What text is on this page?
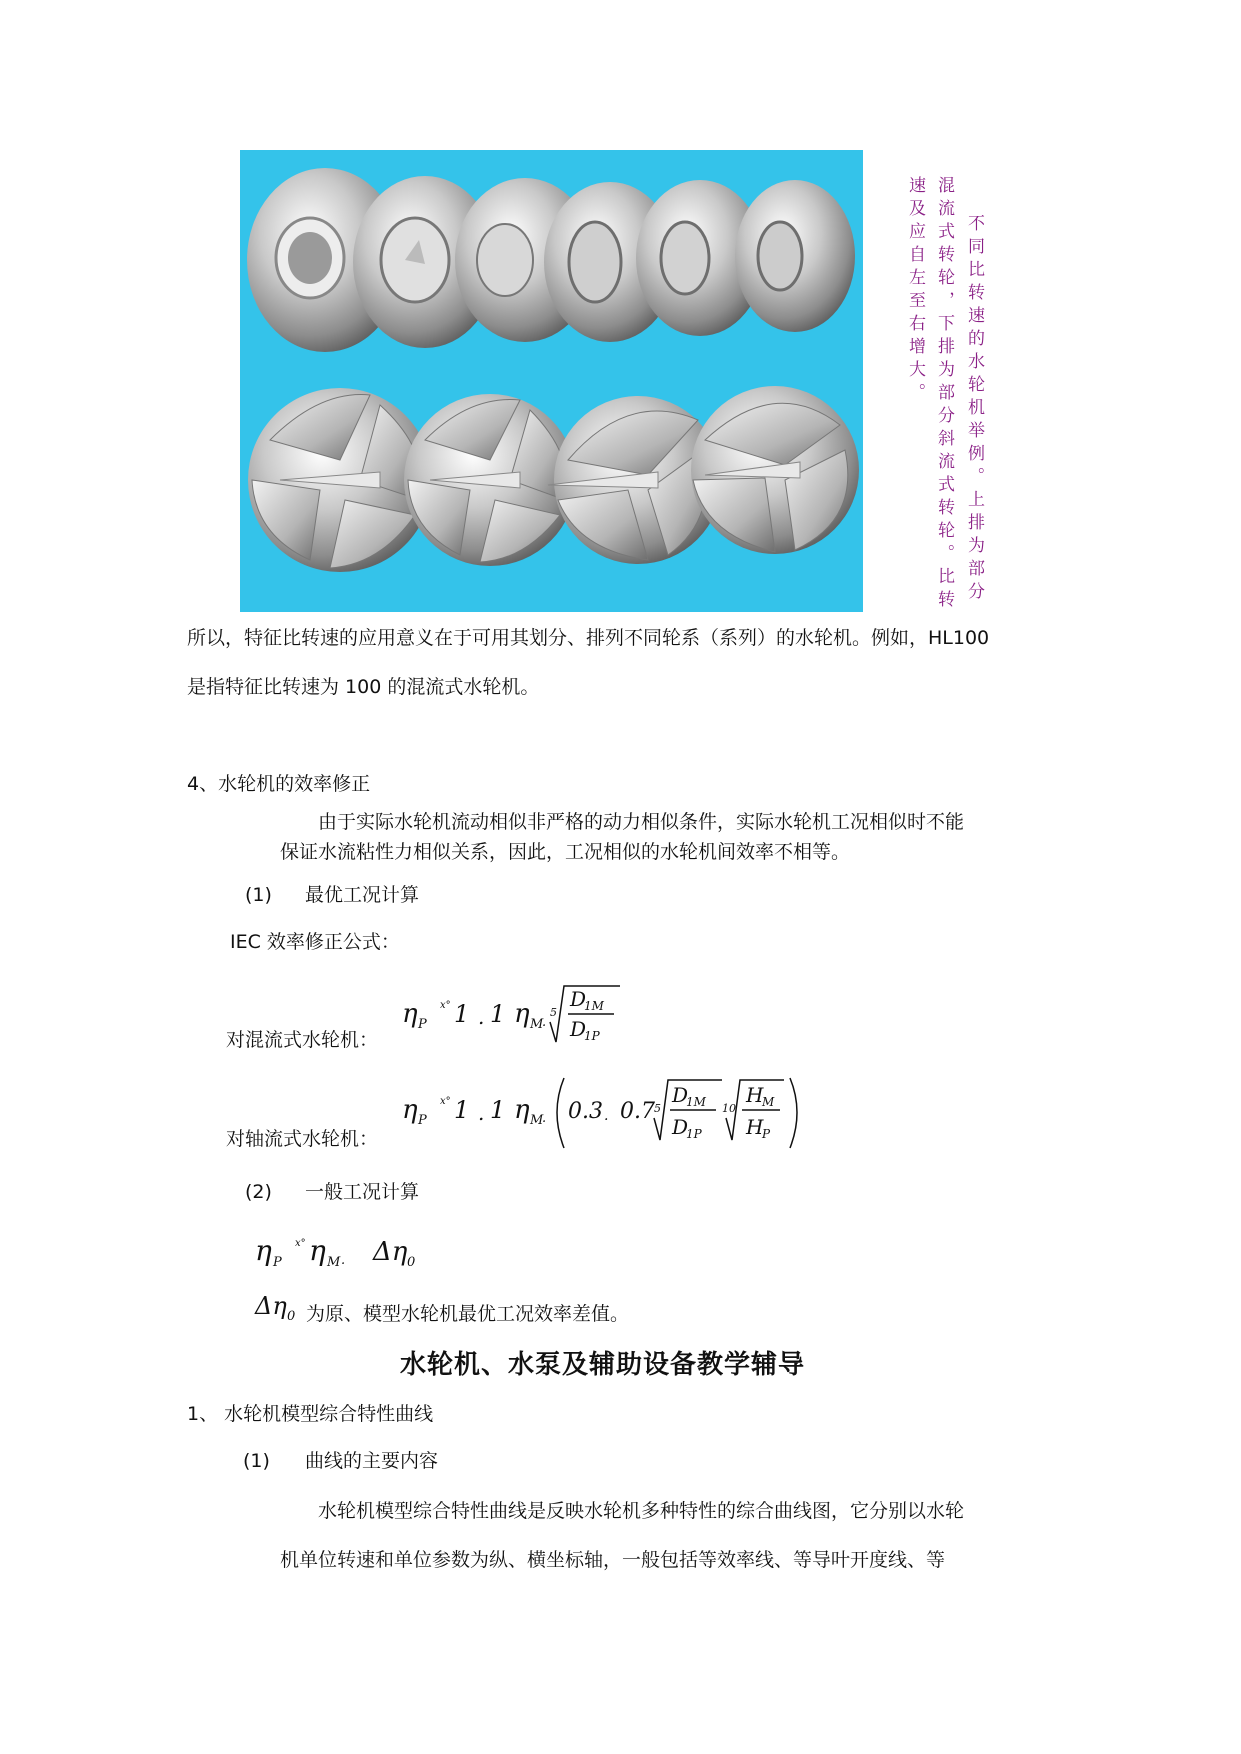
不同比转速的水轮机举例。上排为部分
混流式转轮，下排为部分斜流式转轮。比转
速及应自左至右增大。
所以，特征比转速的应用意义在于可用其划分、排列不同轮系（系列）的水轮机。例如，HL100
是指特征比转速为 100 的混流式水轮机。
4、水轮机的效率修正
由于实际水轮机流动相似非严格的动力相似条件，实际水轮机工况相似时不能
保证水流粘性力相似关系，因此，工况相似的水轮机间效率不相等。
(1) 最优工况计算
IEC 效率修正公式：
对混流式水轮机：
η P
x° 1 . 1 η M
.
5
D
1M
D
1P
对轴流式水轮机：
η P
x° 1 . 1 η M
. 0.3 . 0.7 5
D
1M
D
1P
10
H
M
H
P
(2) 一般工况计算
η P
x° η M . Δη 0
Δη 0 为原、模型水轮机最优工况效率差值。
水轮机、水泵及辅助设备教学辅导
1、 水轮机模型综合特性曲线
(1) 曲线的主要内容
水轮机模型综合特性曲线是反映水轮机多种特性的综合曲线图，它分别以水轮
机单位转速和单位参数为纵、横坐标轴，一般包括等效率线、等导叶开度线、等
